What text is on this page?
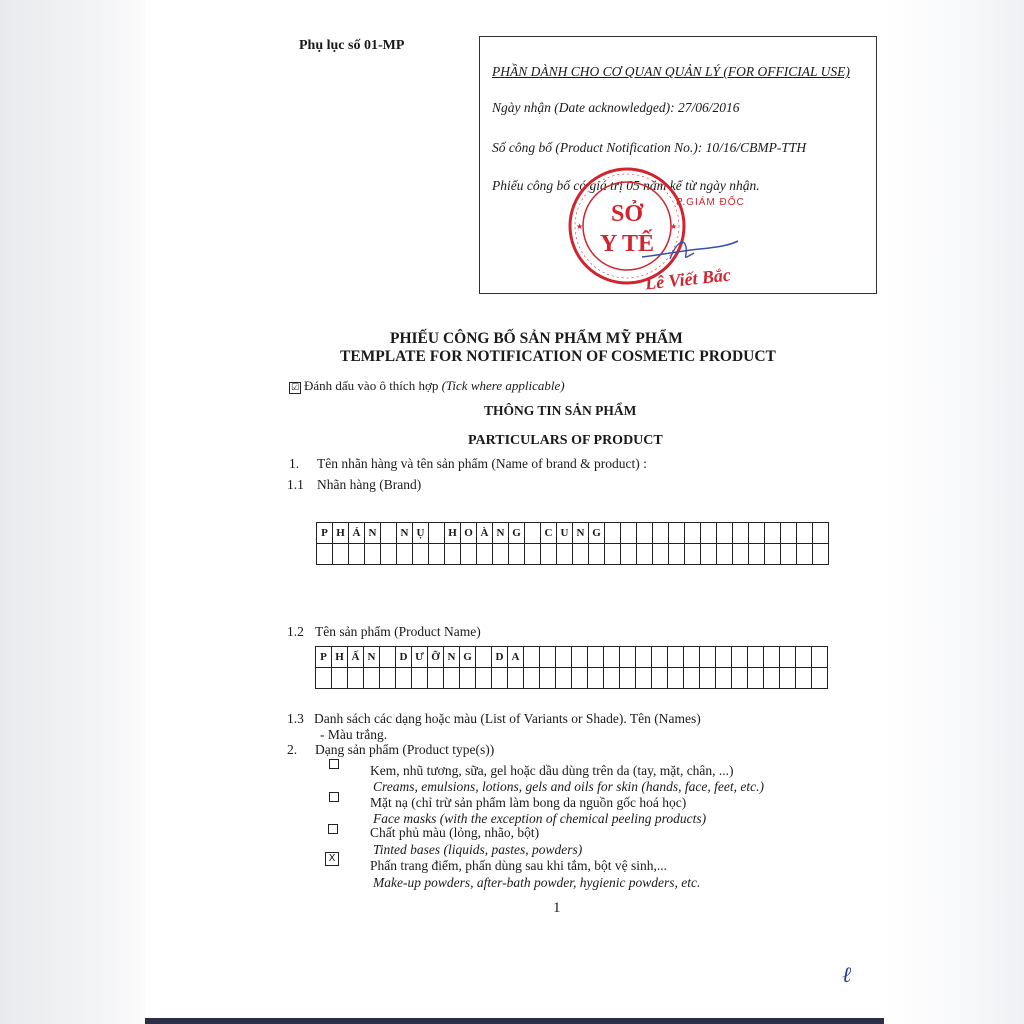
Phụ lục số 01-MP
PHẦN DÀNH CHO CƠ QUAN QUẢN LÝ (FOR OFFICIAL USE)
Ngày nhận (Date acknowledged): 27/06/2016
Số công bố (Product Notification No.): 10/16/CBMP-TTH
Phiếu công bố có giá trị 05 năm kể từ ngày nhận.
SỞ
Y TẾ
★	★
P.GIÁM ĐỐC
Lê Viết Bắc
PHIẾU CÔNG BỐ SẢN PHẨM MỸ PHẨM
TEMPLATE FOR NOTIFICATION OF COSMETIC PRODUCT
☑ Đánh dấu vào ô thích hợp (Tick where applicable)
THÔNG TIN SẢN PHẨM
PARTICULARS OF PRODUCT
1. Tên nhãn hàng và tên sản phẩm (Name of brand & product) :
1.1 Nhãn hàng (Brand)
P	H	Á	N		N	Ụ		H	O	À	N	G		C	U	N	G														

1.2 Tên sản phẩm (Product Name)
P	H	Ấ	N		D	Ư	Ỡ	N	G		D	A																			

1.3 Danh sách các dạng hoặc màu (List of Variants or Shade). Tên (Names)
- Màu trắng.
2. Dạng sản phẩm (Product type(s))
Kem, nhũ tương, sữa, gel hoặc dầu dùng trên da (tay, mặt, chân, ...)
Creams, emulsions, lotions, gels and oils for skin (hands, face, feet, etc.)
Mặt nạ (chỉ trừ sản phẩm làm bong da nguồn gốc hoá học)
Face masks (with the exception of chemical peeling products)
Chất phủ màu (lỏng, nhão, bột)
Tinted bases (liquids, pastes, powders)
X	Phấn trang điểm, phấn dùng sau khi tắm, bột vệ sinh,...
Make-up powders, after-bath powder, hygienic powders, etc.
1
ℓ
